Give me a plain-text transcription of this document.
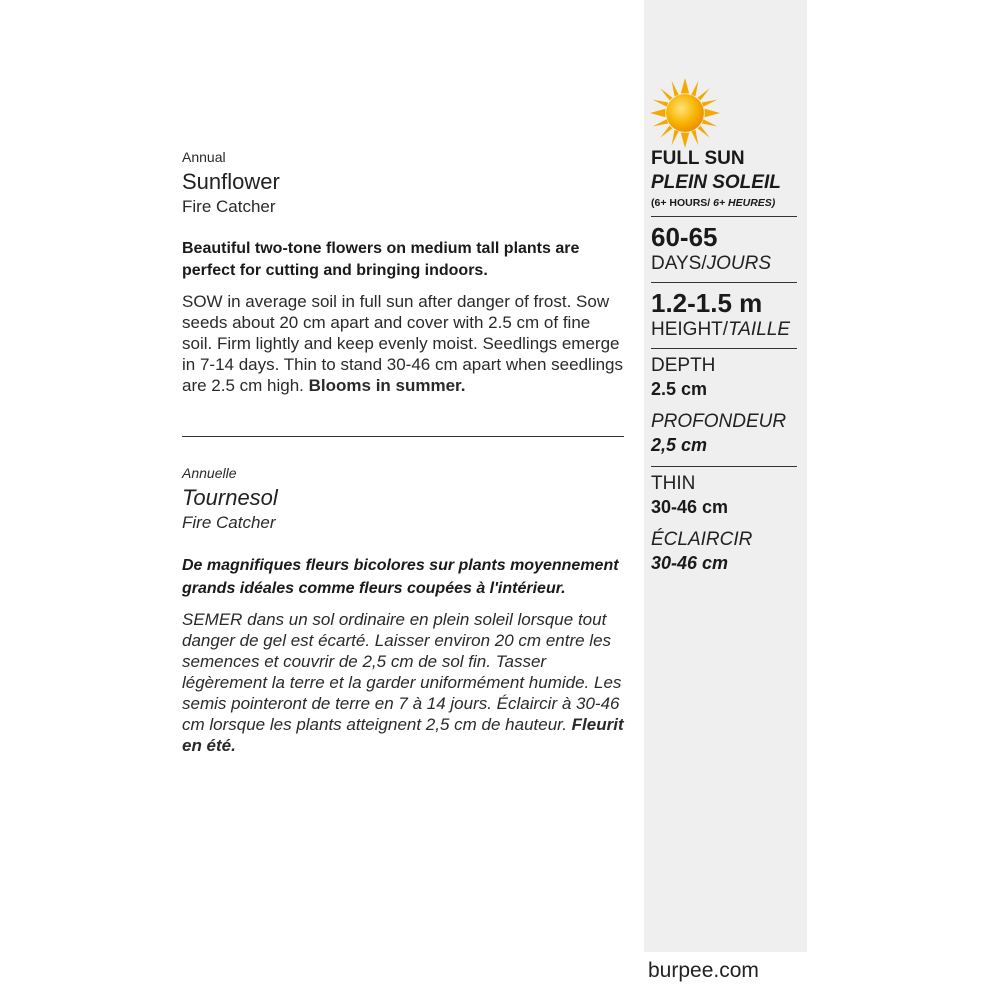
Annual
Sunflower
Fire Catcher
Beautiful two-tone flowers on medium tall plants are perfect for cutting and bringing indoors.
SOW in average soil in full sun after danger of frost. Sow seeds about 20 cm apart and cover with 2.5 cm of fine soil. Firm lightly and keep evenly moist. Seedlings emerge in 7-14 days. Thin to stand 30-46 cm apart when seedlings are 2.5 cm high. Blooms in summer.
Annuelle
Tournesol
Fire Catcher
De magnifiques fleurs bicolores sur plants moyennement grands idéales comme fleurs coupées à l'intérieur.
SEMER dans un sol ordinaire en plein soleil lorsque tout danger de gel est écarté. Laisser environ 20 cm entre les semences et couvrir de 2,5 cm de sol fin. Tasser légèrement la terre et la garder uniformément humide. Les semis pointeront de terre en 7 à 14 jours. Éclaircir à 30-46 cm lorsque les plants atteignent 2,5 cm de hauteur. Fleurit en été.
FULL SUN
PLEIN SOLEIL
(6+ HOURS/ 6+ HEURES)
60-65
DAYS/JOURS
1.2-1.5 m
HEIGHT/TAILLE
DEPTH
2.5 cm
PROFONDEUR
2,5 cm
THIN
30-46 cm
ÉCLAIRCIR
30-46 cm
burpee.com
